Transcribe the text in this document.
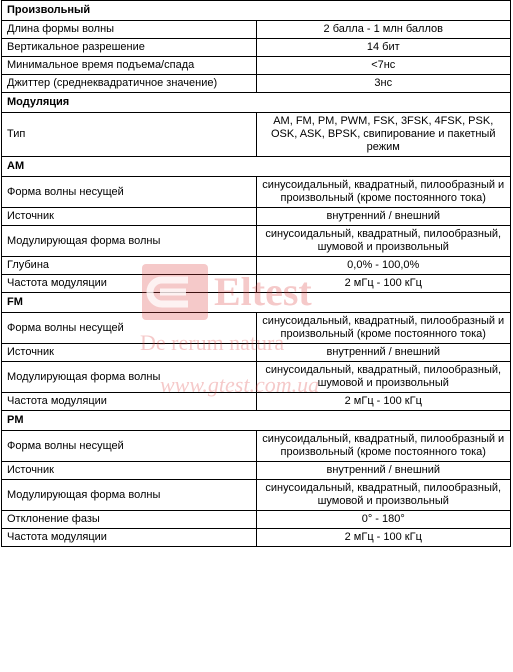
Произвольный	
Длина формы волны	2 балла - 1 млн баллов
Вертикальное разрешение	14 бит
Минимальное время подъема/спада	<7нс
Джиттер (среднеквадратичное значение)	3нс
Модуляция	
Тип	AM, FM, PM, PWM, FSK, 3FSK, 4FSK, PSK, OSK, ASK, BPSK, свипирование и пакетный режим
AM	
Форма волны несущей	синусоидальный, квадратный, пилообразный и произвольный (кроме постоянного тока)
Источник	внутренний / внешний
Модулирующая форма волны	синусоидальный, квадратный, пилообразный, шумовой и произвольный
Глубина	0,0% - 100,0%
Частота модуляции	2 мГц - 100 кГц
FM	
Форма волны несущей	синусоидальный, квадратный, пилообразный и произвольный (кроме постоянного тока)
Источник	внутренний / внешний
Модулирующая форма волны	синусоидальный, квадратный, пилообразный, шумовой и произвольный
Частота модуляции	2 мГц - 100 кГц
PM	
Форма волны несущей	синусоидальный, квадратный, пилообразный и произвольный (кроме постоянного тока)
Источник	внутренний / внешний
Модулирующая форма волны	синусоидальный, квадратный, пилообразный, шумовой и произвольный
Отклонение фазы	0° - 180°
Частота модуляции	2 мГц - 100 кГц
Eltest
De rerum natura
www.gtest.com.ua
